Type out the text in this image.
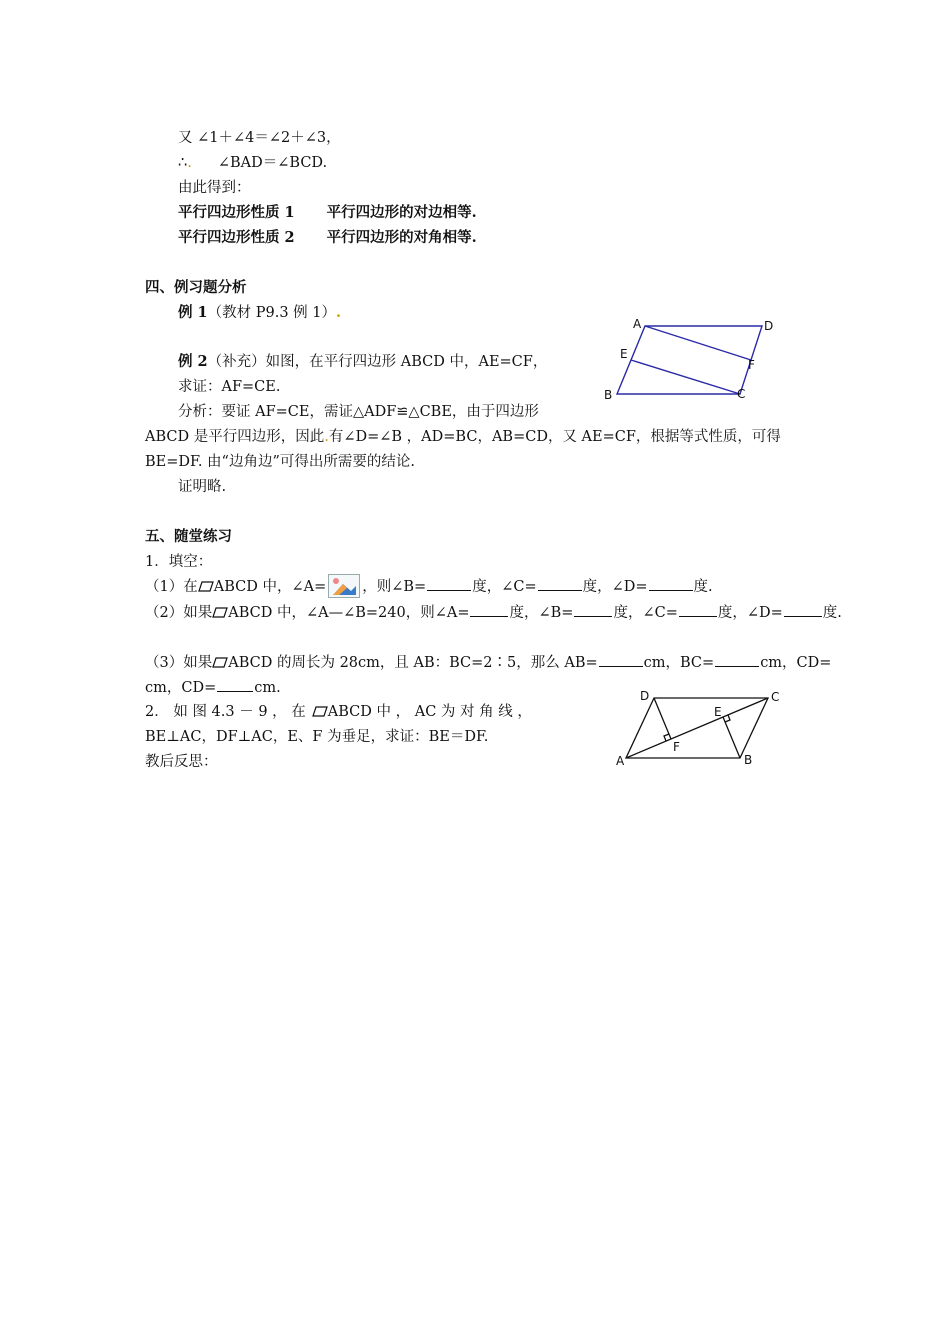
又 ∠1＋∠4＝∠2＋∠3，
∴. ∠BAD＝∠BCD.
由此得到：
平行四边形性质 1 平行四边形的对边相等.
平行四边形性质 2 平行四边形的对角相等.
四、例习题分析
例 1（教材 P9.3 例 1）.
例 2（补充）如图，在平行四边形 ABCD 中，AE=CF，
求证：AF=CE.
分析：要证 AF=CE，需证△ADF≌△CBE，由于四边形
ABCD 是平行四边形，因此.有∠D=∠B ，AD=BC，AB=CD，又 AE=CF，根据等式性质，可得
BE=DF. 由“边角边”可得出所需要的结论.
证明略.
A	D
E
F
B	C
五、随堂练习
1．填空：
（1）在 ABCD 中，∠A= ，则∠B=	度，∠C=	度，∠D=	度.
（2）如果 ABCD 中，∠A—∠B=240，则∠A=	度，∠B=	度，∠C=	度，∠D=	度.
（3）如果 ABCD 的周长为 28cm，且 AB：BC=2∶5，那么 AB=	cm，BC=	cm，CD=
cm，CD=	cm.
2． 如 图 4.3 － 9 ， 在 ABCD 中 ， AC 为 对 角 线 ，
BE⊥AC，DF⊥AC，E、F 为垂足，求证：BE＝DF.
教后反思：
D	C
E
F
A	B
